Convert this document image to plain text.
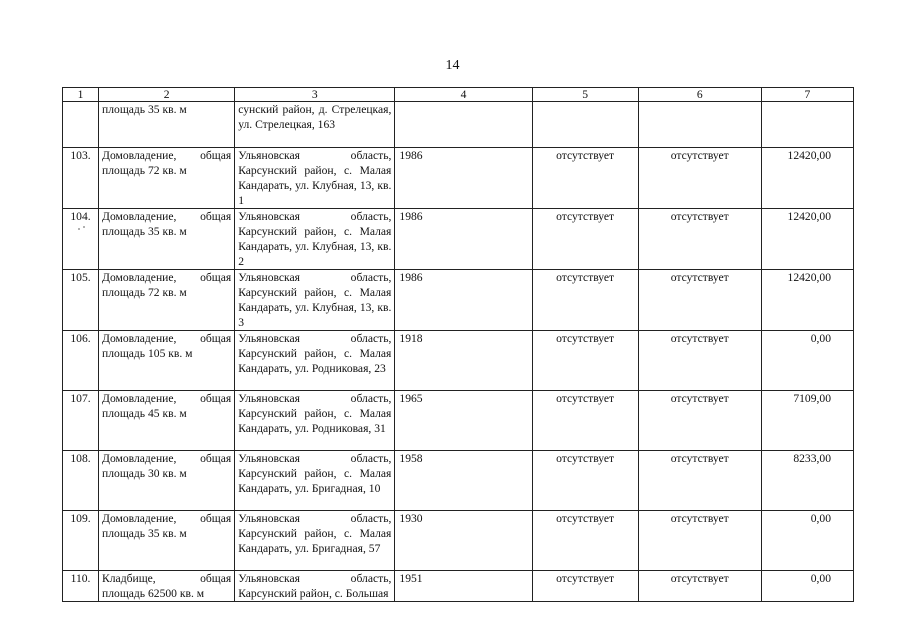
14
1	2	3	4	5	6	7
	площадь 35 кв. м	сунский район, д. Стрелецкая, ул. Стрелецкая, 163				
103.	Домовладение, общая площадь 72 кв. м	Ульяновская область, Карсунский район, с. Малая Кандарать, ул. Клубная, 13, кв. 1	1986	отсутствует	отсутствует	12420,00
104.	Домовладение, общая площадь 35 кв. м	Ульяновская область, Карсунский район, с. Малая Кандарать, ул. Клубная, 13, кв. 2	1986	отсутствует	отсутствует	12420,00
105.	Домовладение, общая площадь 72 кв. м	Ульяновская область, Карсунский район, с. Малая Кандарать, ул. Клубная, 13, кв. 3	1986	отсутствует	отсутствует	12420,00
106.	Домовладение, общая площадь 105 кв. м	Ульяновская область, Карсунский район, с. Малая Кандарать, ул. Родниковая, 23	1918	отсутствует	отсутствует	0,00
107.	Домовладение, общая площадь 45 кв. м	Ульяновская область, Карсунский район, с. Малая Кандарать, ул. Родниковая, 31	1965	отсутствует	отсутствует	7109,00
108.	Домовладение, общая площадь 30 кв. м	Ульяновская область, Карсунский район, с. Малая Кандарать, ул. Бригадная, 10	1958	отсутствует	отсутствует	8233,00
109.	Домовладение, общая площадь 35 кв. м	Ульяновская область, Карсунский район, с. Малая Кандарать, ул. Бригадная, 57	1930	отсутствует	отсутствует	0,00
110.	Кладбище, общая площадь 62500 кв. м	Ульяновская область, Карсунский район, с. Большая	1951	отсутствует	отсутствует	0,00
